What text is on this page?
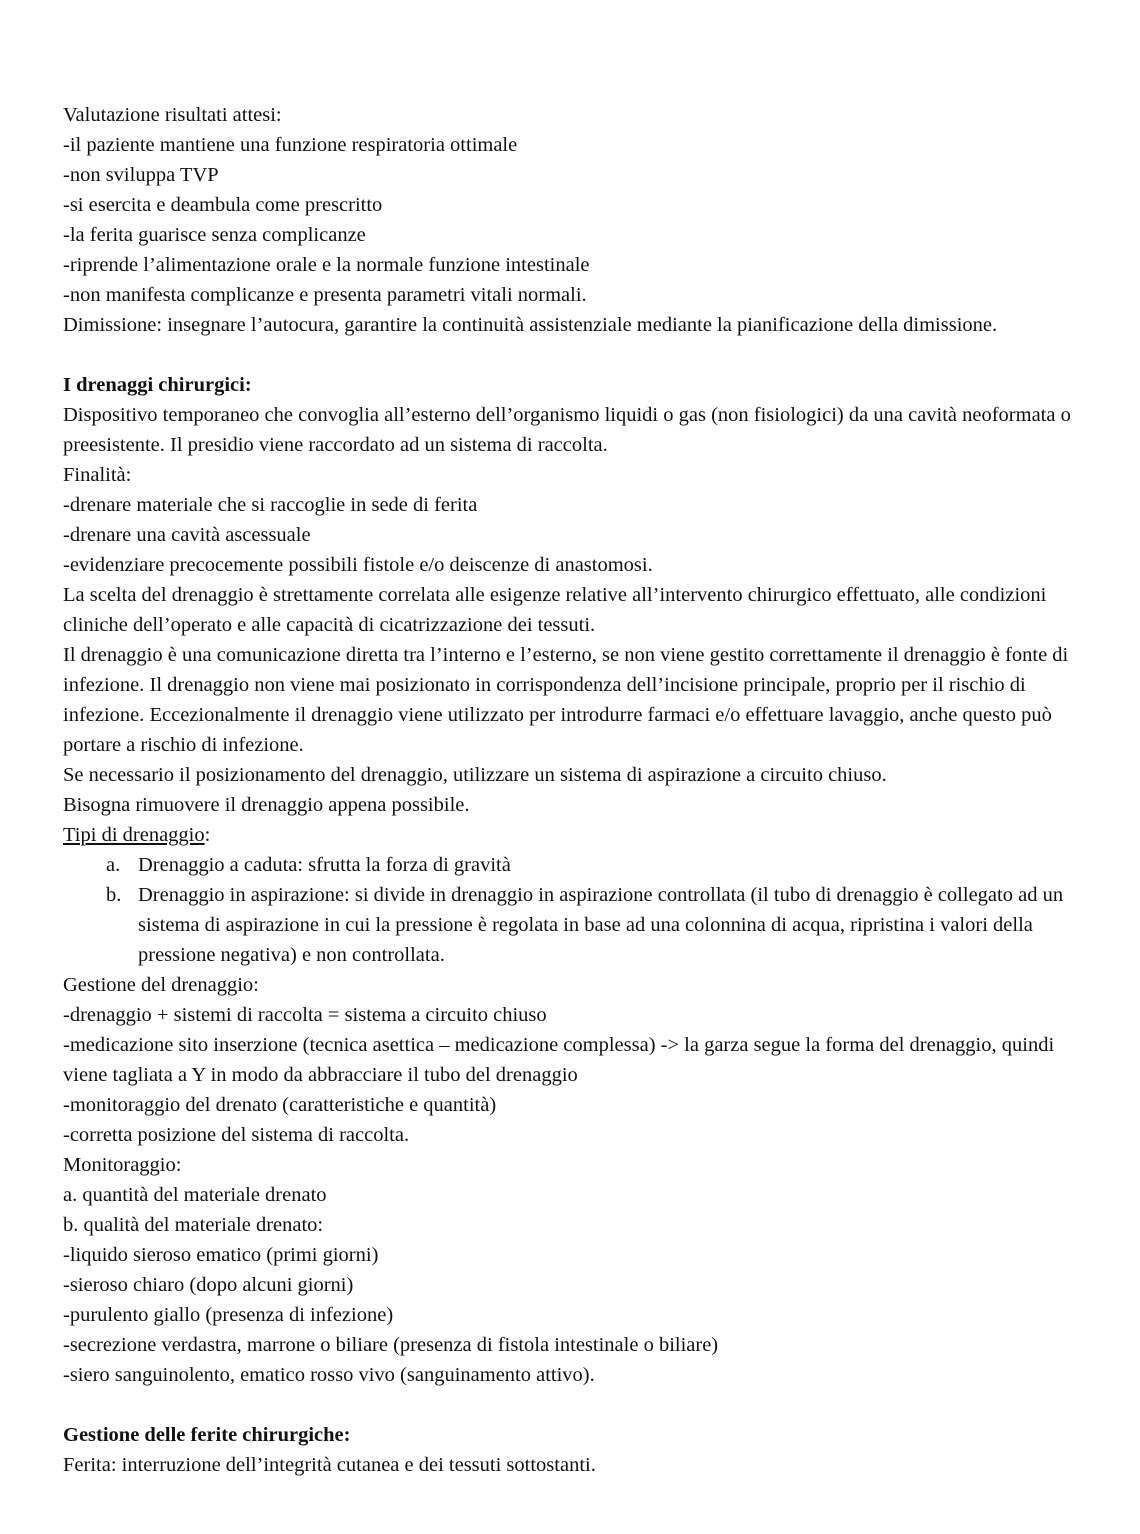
Valutazione risultati attesi:
-il paziente mantiene una funzione respiratoria ottimale
-non sviluppa TVP
-si esercita e deambula come prescritto
-la ferita guarisce senza complicanze
-riprende l’alimentazione orale e la normale funzione intestinale
-non manifesta complicanze e presenta parametri vitali normali.
Dimissione: insegnare l’autocura, garantire la continuità assistenziale mediante la pianificazione della dimissione.
I drenaggi chirurgici:
Dispositivo temporaneo che convoglia all’esterno dell’organismo liquidi o gas (non fisiologici) da una cavità neoformata o preesistente. Il presidio viene raccordato ad un sistema di raccolta.
Finalità:
-drenare materiale che si raccoglie in sede di ferita
-drenare una cavità ascessuale
-evidenziare precocemente possibili fistole e/o deiscenze di anastomosi.
La scelta del drenaggio è strettamente correlata alle esigenze relative all’intervento chirurgico effettuato, alle condizioni cliniche dell’operato e alle capacità di cicatrizzazione dei tessuti.
Il drenaggio è una comunicazione diretta tra l’interno e l’esterno, se non viene gestito correttamente il drenaggio è fonte di infezione. Il drenaggio non viene mai posizionato in corrispondenza dell’incisione principale, proprio per il rischio di infezione. Eccezionalmente il drenaggio viene utilizzato per introdurre farmaci e/o effettuare lavaggio, anche questo può portare a rischio di infezione.
Se necessario il posizionamento del drenaggio, utilizzare un sistema di aspirazione a circuito chiuso.
Bisogna rimuovere il drenaggio appena possibile.
Tipi di drenaggio:
a. Drenaggio a caduta: sfrutta la forza di gravità
b. Drenaggio in aspirazione: si divide in drenaggio in aspirazione controllata (il tubo di drenaggio è collegato ad un sistema di aspirazione in cui la pressione è regolata in base ad una colonnina di acqua, ripristina i valori della pressione negativa) e non controllata.
Gestione del drenaggio:
-drenaggio + sistemi di raccolta = sistema a circuito chiuso
-medicazione sito inserzione (tecnica asettica – medicazione complessa) -> la garza segue la forma del drenaggio, quindi viene tagliata a Y in modo da abbracciare il tubo del drenaggio
-monitoraggio del drenato (caratteristiche e quantità)
-corretta posizione del sistema di raccolta.
Monitoraggio:
a. quantità del materiale drenato
b. qualità del materiale drenato:
-liquido sieroso ematico (primi giorni)
-sieroso chiaro (dopo alcuni giorni)
-purulento giallo (presenza di infezione)
-secrezione verdastra, marrone o biliare (presenza di fistola intestinale o biliare)
-siero sanguinolento, ematico rosso vivo (sanguinamento attivo).
Gestione delle ferite chirurgiche:
Ferita: interruzione dell’integrità cutanea e dei tessuti sottostanti.
